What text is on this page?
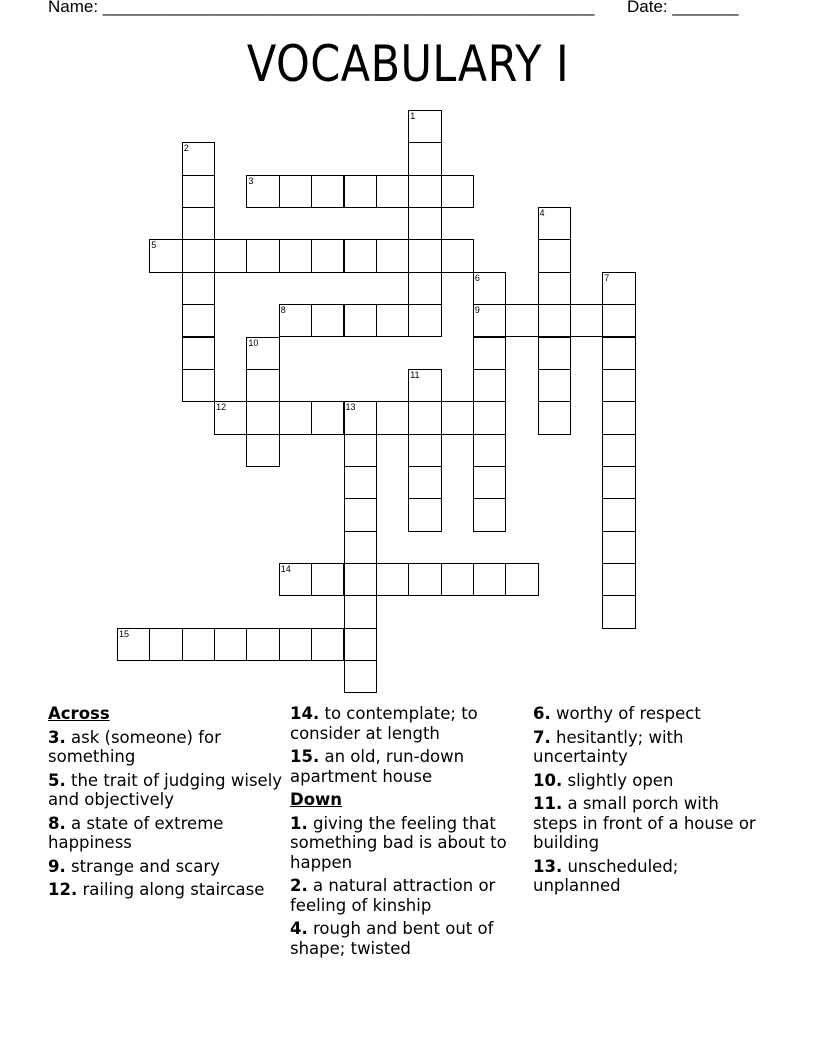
Name: ____________________________________________________ Date: _______
VOCABULARY I
1
2
3
4
5
6
9
7
8
10
11
12	13
14
15
Across
3. ask (someone) for something
5. the trait of judging wisely and objectively
8. a state of extreme happiness
9. strange and scary
12. railing along staircase
14. to contemplate; to consider at length
15. an old, run-down apartment house
Down
1. giving the feeling that something bad is about to happen
2. a natural attraction or feeling of kinship
4. rough and bent out of shape; twisted
6. worthy of respect
7. hesitantly; with uncertainty
10. slightly open
11. a small porch with steps in front of a house or building
13. unscheduled; unplanned
